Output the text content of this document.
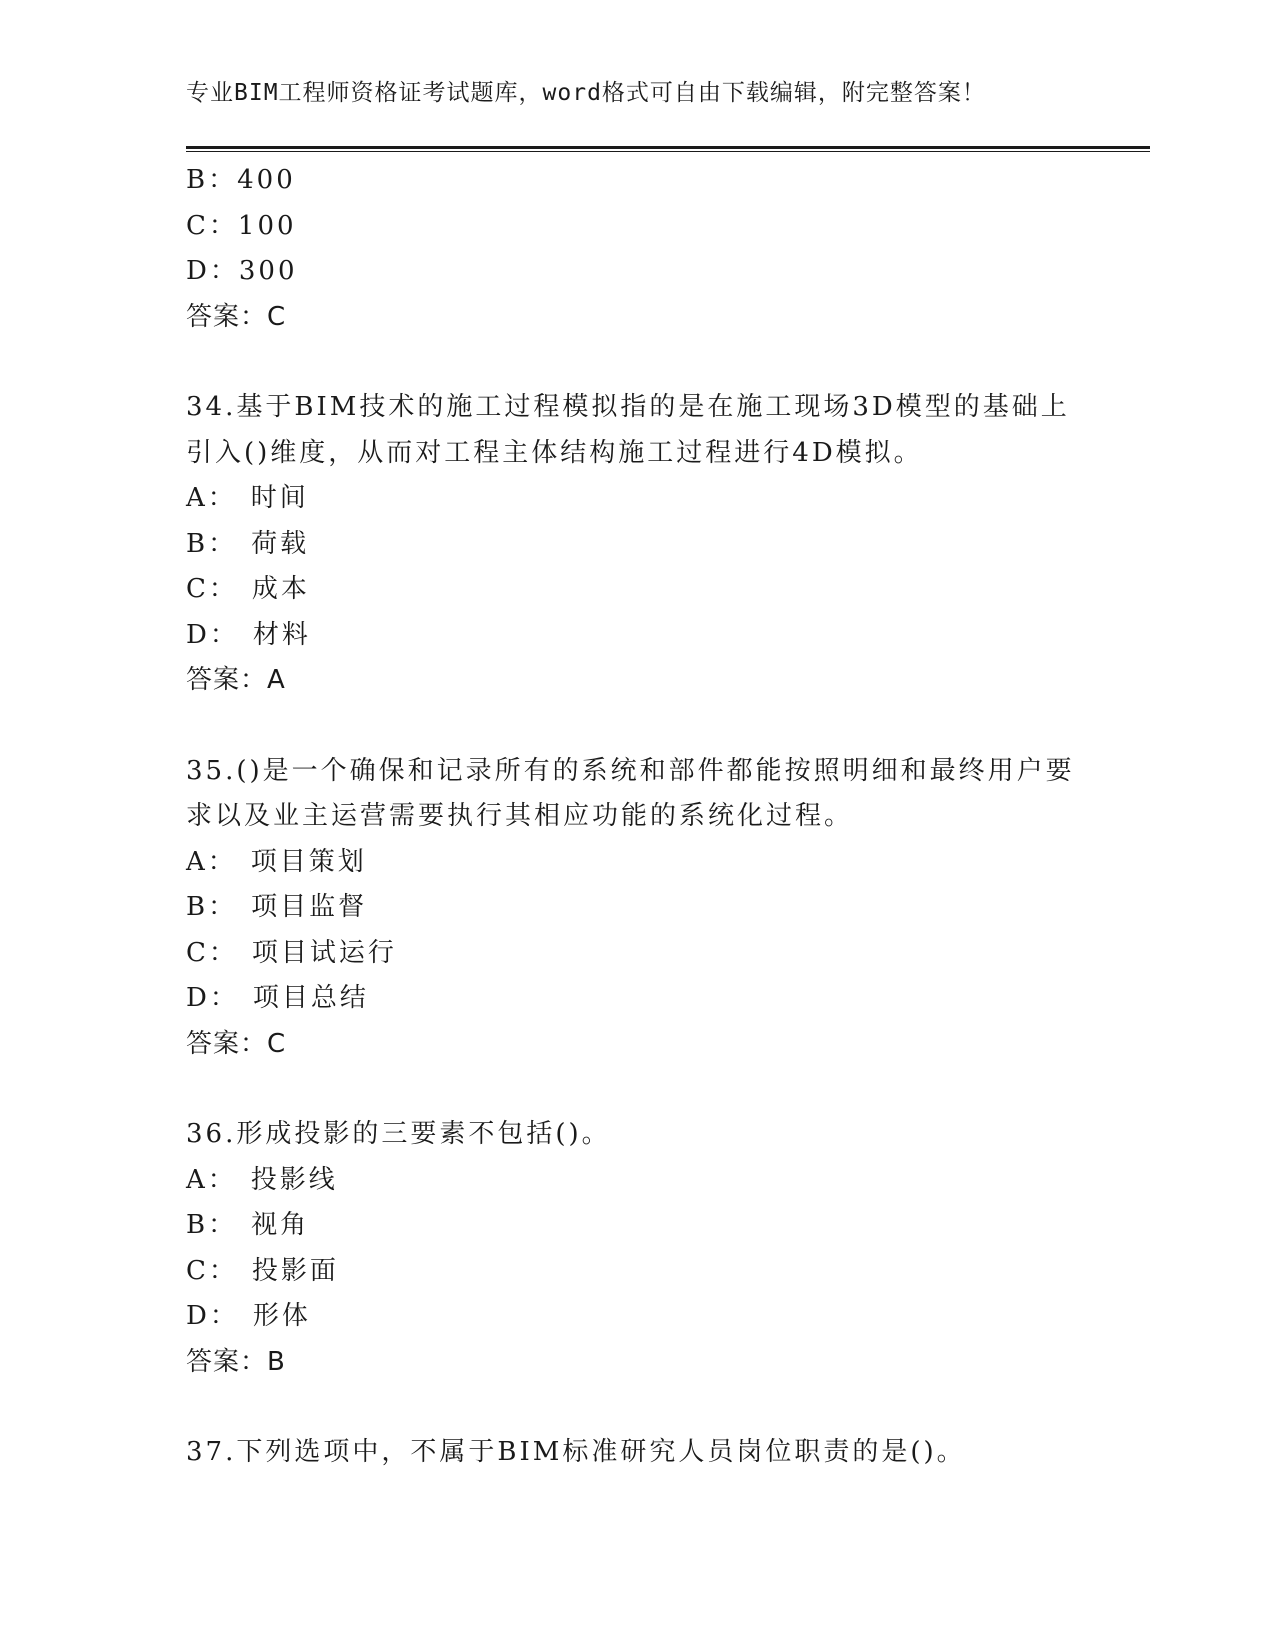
专业BIM工程师资格证考试题库，word格式可自由下载编辑，附完整答案！
B：400
C：100
D：300
答案：C
34.基于BIM技术的施工过程模拟指的是在施工现场3D模型的基础上
引入()维度，从而对工程主体结构施工过程进行4D模拟。
A： 时间
B： 荷载
C： 成本
D： 材料
答案：A
35.()是一个确保和记录所有的系统和部件都能按照明细和最终用户要
求以及业主运营需要执行其相应功能的系统化过程。
A： 项目策划
B： 项目监督
C： 项目试运行
D： 项目总结
答案：C
36.形成投影的三要素不包括()。
A： 投影线
B： 视角
C： 投影面
D： 形体
答案：B
37.下列选项中，不属于BIM标准研究人员岗位职责的是()。
